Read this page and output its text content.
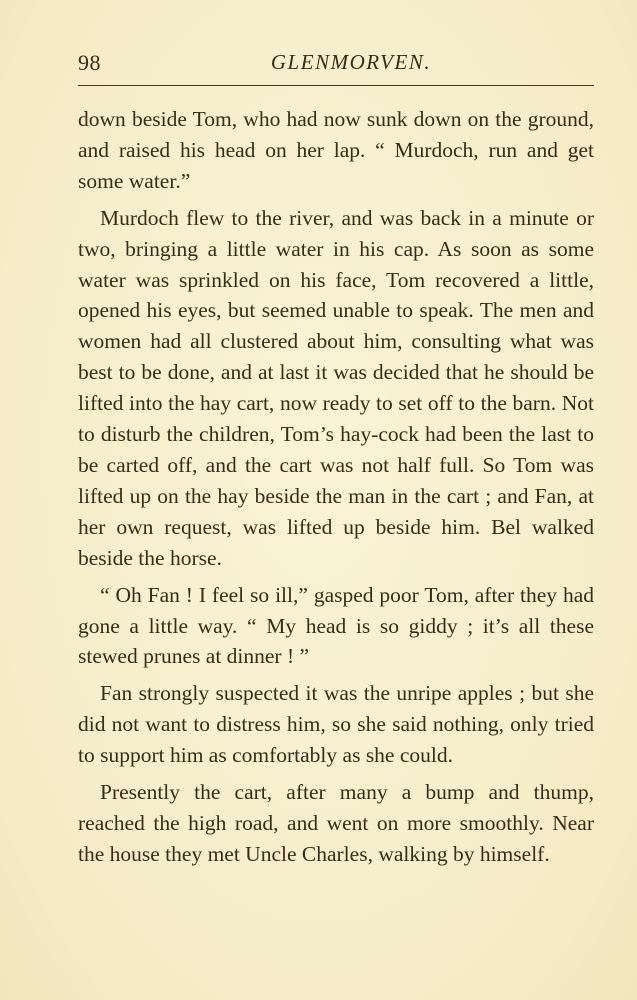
98	GLENMORVEN.

down beside Tom, who had now sunk down on the ground, and raised his head on her lap. “ Murdoch, run and get some water.”

Murdoch flew to the river, and was back in a minute or two, bringing a little water in his cap. As soon as some water was sprinkled on his face, Tom recovered a little, opened his eyes, but seemed unable to speak. The men and women had all clustered about him, consulting what was best to be done, and at last it was decided that he should be lifted into the hay cart, now ready to set off to the barn. Not to disturb the children, Tom’s hay-cock had been the last to be carted off, and the cart was not half full. So Tom was lifted up on the hay beside the man in the cart ; and Fan, at her own request, was lifted up beside him. Bel walked beside the horse.

“ Oh Fan ! I feel so ill,” gasped poor Tom, after they had gone a little way. “ My head is so giddy ; it’s all these stewed prunes at dinner ! ”

Fan strongly suspected it was the unripe apples ; but she did not want to distress him, so she said nothing, only tried to support him as comfortably as she could.

Presently the cart, after many a bump and thump, reached the high road, and went on more smoothly. Near the house they met Uncle Charles, walking by himself.
